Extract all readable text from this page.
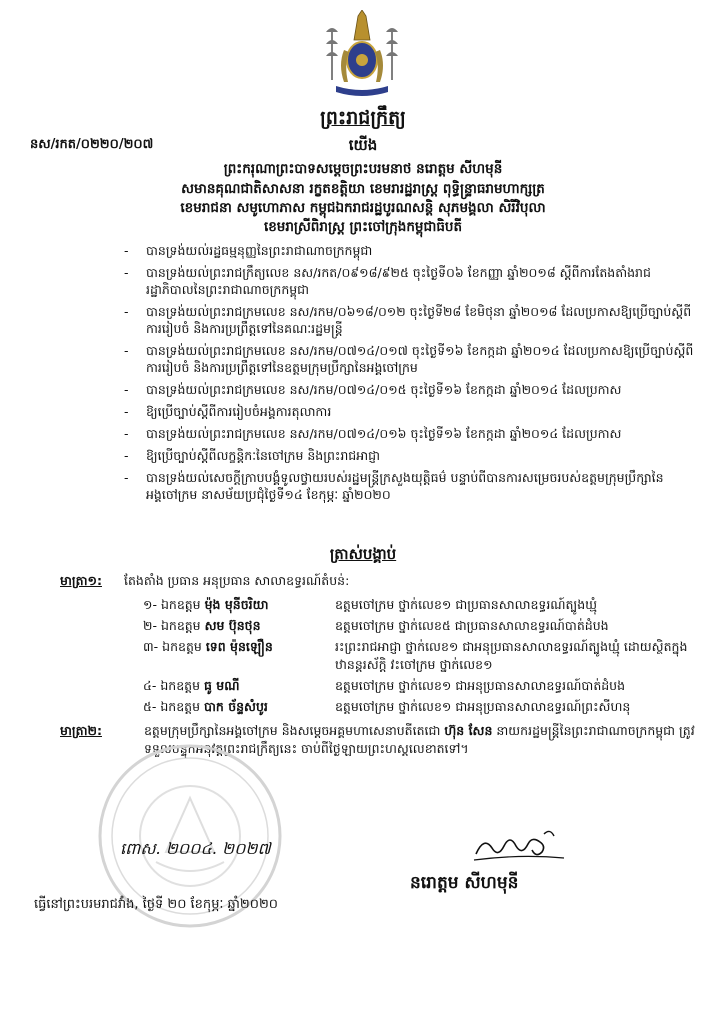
ព្រះរាជក្រឹត្យ
នស/រកត/០២២០/២០៧	យើង
ព្រះករុណាព្រះបាទសម្តេចព្រះបរមនាថ នរោត្តម សីហមុនី
សមានគុណជាតិសាសនា រក្ខតខត្តិយា ខេមរារដ្ឋរាស្ត្រ ពុទ្ធិន្ទ្រាធរាមហាក្សត្រ
ខេមរាជនា សមូហោភាស កម្ពុជឯករាជរដ្ឋបូរណសន្តិ សុភមង្គលា សិរីវិបុលា
ខេមរាស្រីពិរាស្ត្រ ព្រះចៅក្រុងកម្ពុជាធិបតី
- បានទ្រង់យល់រដ្ឋធម្មនុញ្ញនៃព្រះរាជាណាចក្រកម្ពុជា
- បានទ្រង់យល់ព្រះរាជក្រឹត្យលេខ នស/រកត/០៩១៨/៩២៥ ចុះថ្ងៃទី០៦ ខែកញ្ញា ឆ្នាំ២០១៨ ស្តីពីការតែងតាំងរាជរដ្ឋាភិបាលនៃព្រះរាជាណាចក្រកម្ពុជា
- បានទ្រង់យល់ព្រះរាជក្រមលេខ នស/រកម/០៦១៨/០១២ ចុះថ្ងៃទី២៨ ខែមិថុនា ឆ្នាំ២០១៨ ដែលប្រកាសឱ្យប្រើច្បាប់ស្តីពីការរៀបចំ និងការប្រព្រឹត្តទៅនៃគណៈរដ្ឋមន្ត្រី
- បានទ្រង់យល់ព្រះរាជក្រមលេខ នស/រកម/០៧១៤/០១៧ ចុះថ្ងៃទី១៦ ខែកក្កដា ឆ្នាំ២០១៤ ដែលប្រកាសឱ្យប្រើច្បាប់ស្តីពីការរៀបចំ និងការប្រព្រឹត្តទៅនៃឧត្តមក្រុមប្រឹក្សានៃអង្គចៅក្រម
- បានទ្រង់យល់ព្រះរាជក្រមលេខ នស/រកម/០៧១៤/០១៥ ចុះថ្ងៃទី១៦ ខែកក្កដា ឆ្នាំ២០១៤ ដែលប្រកាស
- ឱ្យប្រើច្បាប់ស្តីពីការរៀបចំអង្គការតុលាការ
- បានទ្រង់យល់ព្រះរាជក្រមលេខ នស/រកម/០៧១៤/០១៦ ចុះថ្ងៃទី១៦ ខែកក្កដា ឆ្នាំ២០១៤ ដែលប្រកាស
- ឱ្យប្រើច្បាប់ស្តីពីលក្ខន្តិកៈនៃចៅក្រម និងព្រះរាជអាជ្ញា
- បានទ្រង់យល់សេចក្តីក្រាបបង្គំទូលថ្វាយរបស់រដ្ឋមន្ត្រីក្រសួងយុត្តិធម៌ បន្ទាប់ពីបានការសម្រេចរបស់ឧត្តមក្រុមប្រឹក្សានៃអង្គចៅក្រម នាសម័យប្រជុំថ្ងៃទី១៤ ខែកុម្ភៈ ឆ្នាំ២០២០
ត្រាស់បង្គាប់
មាត្រា១: តែងតាំង ប្រធាន អនុប្រធាន សាលាឧទ្ធរណ៍តំបន់:
១- ឯកឧត្តម ម៉ុង មុនីចរិយា	ឧត្តមចៅក្រម ថ្នាក់លេខ១ ជាប្រធានសាលាឧទ្ធរណ៍ត្បូងឃ្មុំ
២- ឯកឧត្តម សម ប៊ុនថុន	ឧត្តមចៅក្រម ថ្នាក់លេខ៥ ជាប្រធានសាលាឧទ្ធរណ៍បាត់ដំបង
៣- ឯកឧត្តម ទេព ម៉ុនឡឿន	រះព្រះរាជអាជ្ញា ថ្នាក់លេខ១ ជាអនុប្រធានសាលាឧទ្ធរណ៍ត្បូងឃ្មុំ ដោយស្ថិតក្នុងឋានន្តរស័ក្តិ វះចៅក្រម ថ្នាក់លេខ១
៤- ឯកឧត្តម ធូ មណី	ឧត្តមចៅក្រម ថ្នាក់លេខ១ ជាអនុប្រធានសាលាឧទ្ធរណ៍បាត់ដំបង
៥- ឯកឧត្តម បាក ច័ន្ទសំបូរ	ឧត្តមចៅក្រម ថ្នាក់លេខ១ ជាអនុប្រធានសាលាឧទ្ធរណ៍ព្រះសីហនុ
មាត្រា២:	ឧត្តមក្រុមប្រឹក្សានៃអង្គចៅក្រម និងសម្តេចអគ្គមហាសេនាបតីតេជោ ហ៊ុន សែន នាយករដ្ឋមន្ត្រីនៃព្រះរាជាណាចក្រកម្ពុជា ត្រូវទទួលបន្ទុកអនុវត្តព្រះរាជក្រឹត្យនេះ ចាប់ពីថ្ងៃឡាយព្រះហស្តលេខាតទៅ។
ពោស. ២០០៤. ២០២៧
នរោត្តម សីហមុនី
ធ្វើនៅព្រះបរមរាជវាំង, ថ្ងៃទី ២០ ខែកុម្ភៈ ឆ្នាំ២០២០
